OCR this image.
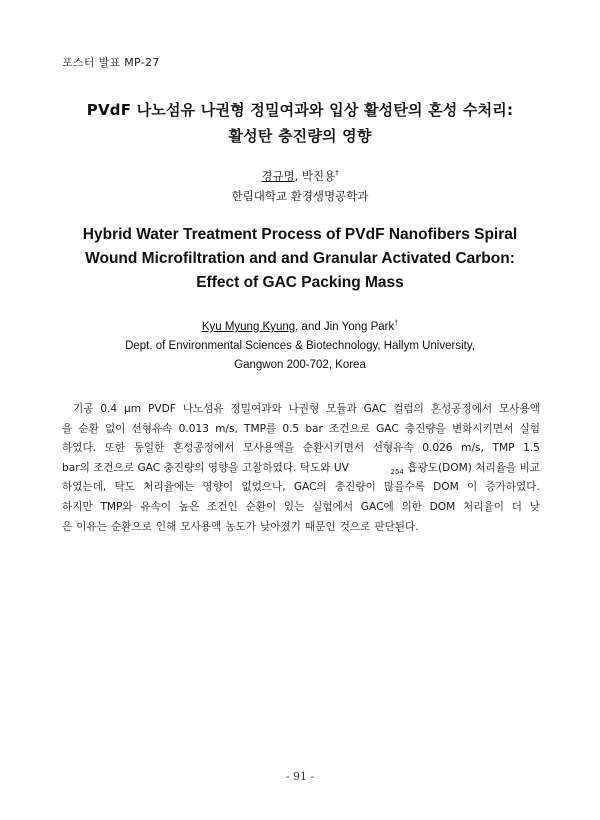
포스터 발표 MP-27
PVdF 나노섬유 나권형 정밀여과와 입상 활성탄의 혼성 수처리:
활성탄 충진량의 영향
경규명, 박진용†
한림대학교 환경생명공학과
Hybrid Water Treatment Process of PVdF Nanofibers Spiral
Wound Microfiltration and and Granular Activated Carbon:
Effect of GAC Packing Mass
Kyu Myung Kyung, and Jin Yong Park†
Dept. of Environmental Sciences & Biotechnology, Hallym University,
Gangwon 200-702, Korea
기공 0.4 μm PVDF 나노섬유 정밀여과와 나권형 모듈과 GAC 컬럼의 혼성공정에서 모사용액
을 순환 없이 선형유속 0.013 m/s, TMP를 0.5 bar 조건으로 GAC 충진량을 변화시키면서 실험
하였다. 또한 동일한 혼성공정에서 모사용액을 순환시키면서 선형유속 0.026 m/s, TMP 1.5
bar의 조건으로 GAC 충진량의 영향을 고찰하였다. 탁도와 UV	$_{254}$ 흡광도(DOM) 처리율을 비교
하였는데, 탁도 처리율에는 영향이 없었으나, GAC의 충진량이 많을수록 DOM 이 증가하였다.
하지만 TMP와 유속이 높은 조건인 순환이 있는 실험에서 GAC에 의한 DOM 처리율이 더 낮
은 이유는 순환으로 인해 모사용액 농도가 낮아졌기 때문인 것으로 판단된다.
- 91 -
